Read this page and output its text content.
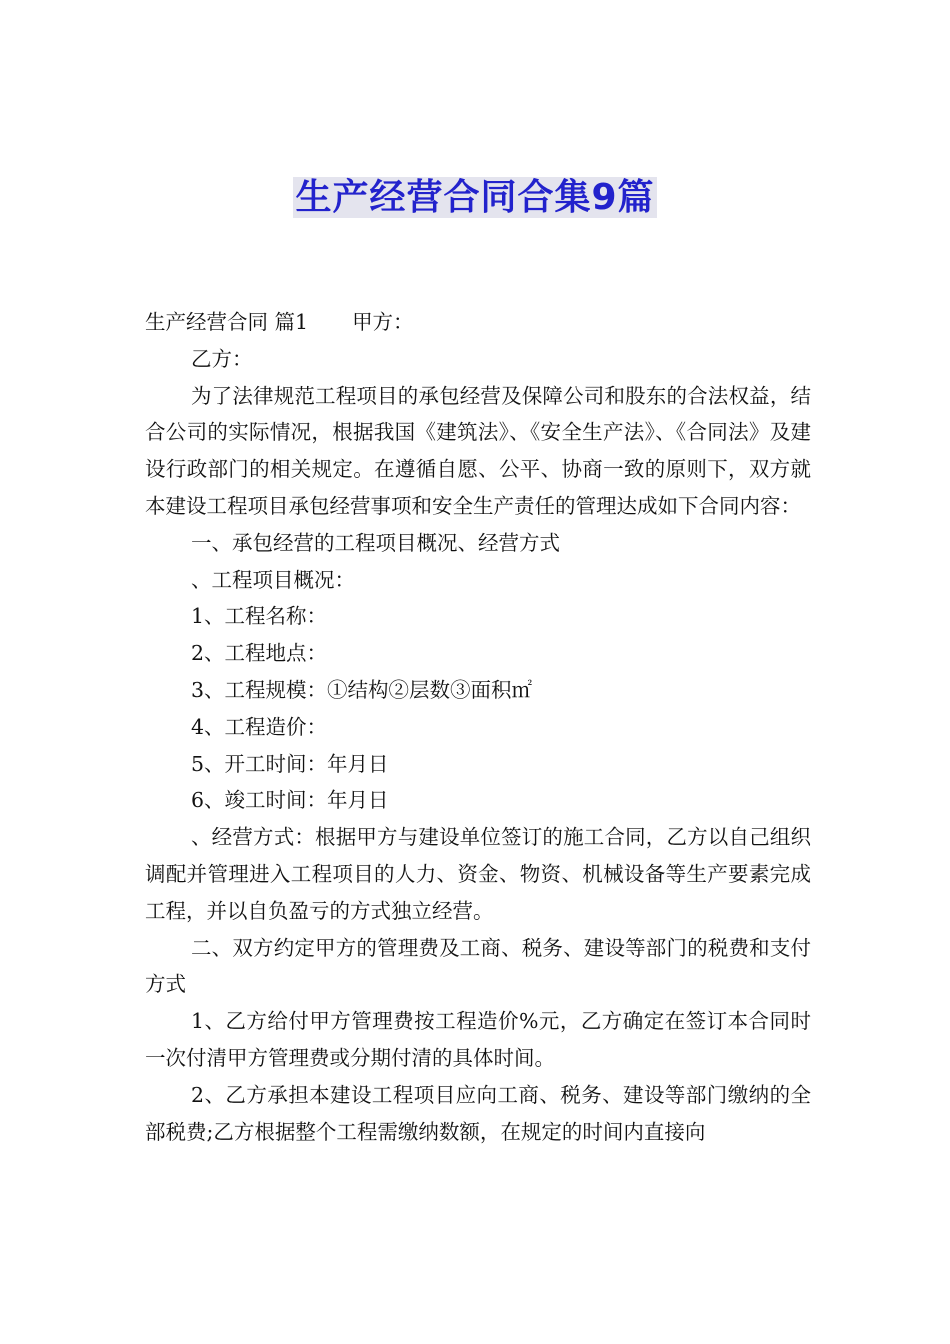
生产经营合同合集9篇

生产经营合同 篇1 甲方：

乙方：

为了法律规范工程项目的承包经营及保障公司和股东的合法权益，结合公司的实际情况，根据我国《建筑法》、《安全生产法》、《合同法》及建设行政部门的相关规定。在遵循自愿、公平、协商一致的原则下，双方就本建设工程项目承包经营事项和安全生产责任的管理达成如下合同内容：

一、承包经营的工程项目概况、经营方式

、工程项目概况：

1、工程名称：

2、工程地点：

3、工程规模：①结构②层数③面积㎡

4、工程造价：

5、开工时间：年月日

6、竣工时间：年月日

、经营方式：根据甲方与建设单位签订的施工合同，乙方以自己组织调配并管理进入工程项目的人力、资金、物资、机械设备等生产要素完成工程，并以自负盈亏的方式独立经营。

二、双方约定甲方的管理费及工商、税务、建设等部门的税费和支付方式

1、乙方给付甲方管理费按工程造价%元，乙方确定在签订本合同时一次付清甲方管理费或分期付清的具体时间。

2、乙方承担本建设工程项目应向工商、税务、建设等部门缴纳的全部税费;乙方根据整个工程需缴纳数额，在规定的时间内直接向
